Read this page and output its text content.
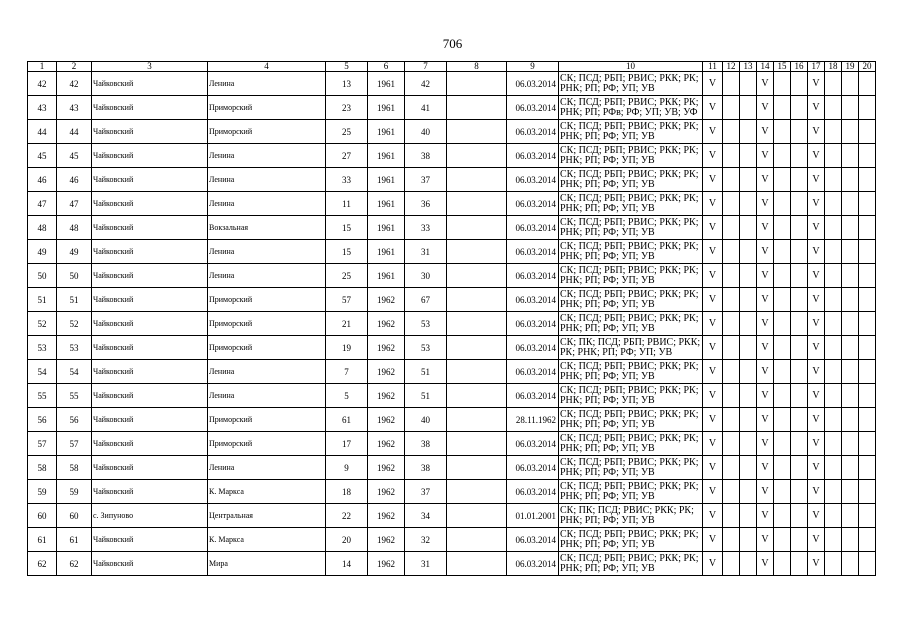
706
1	2	3	4	5	6	7	8	9	10	11	12	13	14	15	16	17	18	19	20
42	42	Чайковский	Ленина	13	1961	42		06.03.2014	СК; ПСД; РБП; РВИС; РКК; РК; РНК; РП; РФ; УП; УВ	V			V			V			
43	43	Чайковский	Приморский	23	1961	41		06.03.2014	СК; ПСД; РБП; РВИС; РКК; РК; РНК; РП; РФв; РФ; УП; УВ; УФ	V			V			V			
44	44	Чайковский	Приморский	25	1961	40		06.03.2014	СК; ПСД; РБП; РВИС; РКК; РК; РНК; РП; РФ; УП; УВ	V			V			V			
45	45	Чайковский	Ленина	27	1961	38		06.03.2014	СК; ПСД; РБП; РВИС; РКК; РК; РНК; РП; РФ; УП; УВ	V			V			V			
46	46	Чайковский	Ленина	33	1961	37		06.03.2014	СК; ПСД; РБП; РВИС; РКК; РК; РНК; РП; РФ; УП; УВ	V			V			V			
47	47	Чайковский	Ленина	11	1961	36		06.03.2014	СК; ПСД; РБП; РВИС; РКК; РК; РНК; РП; РФ; УП; УВ	V			V			V			
48	48	Чайковский	Вокзальная	15	1961	33		06.03.2014	СК; ПСД; РБП; РВИС; РКК; РК; РНК; РП; РФ; УП; УВ	V			V			V			
49	49	Чайковский	Ленина	15	1961	31		06.03.2014	СК; ПСД; РБП; РВИС; РКК; РК; РНК; РП; РФ; УП; УВ	V			V			V			
50	50	Чайковский	Ленина	25	1961	30		06.03.2014	СК; ПСД; РБП; РВИС; РКК; РК; РНК; РП; РФ; УП; УВ	V			V			V			
51	51	Чайковский	Приморский	57	1962	67		06.03.2014	СК; ПСД; РБП; РВИС; РКК; РК; РНК; РП; РФ; УП; УВ	V			V			V			
52	52	Чайковский	Приморский	21	1962	53		06.03.2014	СК; ПСД; РБП; РВИС; РКК; РК; РНК; РП; РФ; УП; УВ	V			V			V			
53	53	Чайковский	Приморский	19	1962	53		06.03.2014	СК; ПК; ПСД; РБП; РВИС; РКК; РК; РНК; РП; РФ; УП; УВ	V			V			V			
54	54	Чайковский	Ленина	7	1962	51		06.03.2014	СК; ПСД; РБП; РВИС; РКК; РК; РНК; РП; РФ; УП; УВ	V			V			V			
55	55	Чайковский	Ленина	5	1962	51		06.03.2014	СК; ПСД; РБП; РВИС; РКК; РК; РНК; РП; РФ; УП; УВ	V			V			V			
56	56	Чайковский	Приморский	61	1962	40		28.11.1962	СК; ПСД; РБП; РВИС; РКК; РК; РНК; РП; РФ; УП; УВ	V			V			V			
57	57	Чайковский	Приморский	17	1962	38		06.03.2014	СК; ПСД; РБП; РВИС; РКК; РК; РНК; РП; РФ; УП; УВ	V			V			V			
58	58	Чайковский	Ленина	9	1962	38		06.03.2014	СК; ПСД; РБП; РВИС; РКК; РК; РНК; РП; РФ; УП; УВ	V			V			V			
59	59	Чайковский	К. Маркса	18	1962	37		06.03.2014	СК; ПСД; РБП; РВИС; РКК; РК; РНК; РП; РФ; УП; УВ	V			V			V			
60	60	с. Зипуново	Центральная	22	1962	34		01.01.2001	СК; ПК; ПСД; РВИС; РКК; РК; РНК; РП; РФ; УП; УВ	V			V			V			
61	61	Чайковский	К. Маркса	20	1962	32		06.03.2014	СК; ПСД; РБП; РВИС; РКК; РК; РНК; РП; РФ; УП; УВ	V			V			V			
62	62	Чайковский	Мира	14	1962	31		06.03.2014	СК; ПСД; РБП; РВИС; РКК; РК; РНК; РП; РФ; УП; УВ	V			V			V			
